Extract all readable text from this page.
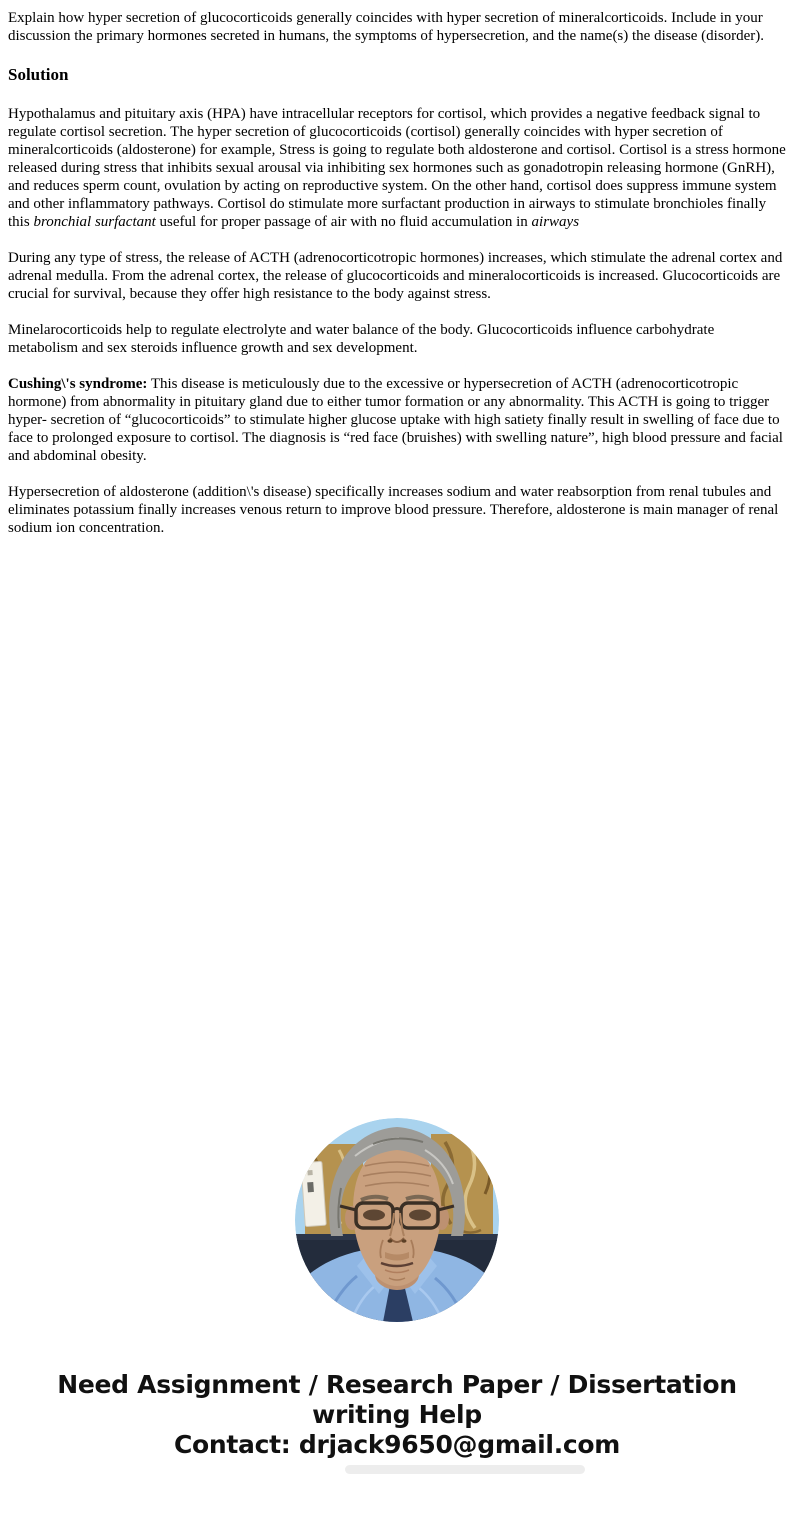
Explain how hyper secretion of glucocorticoids generally coincides with hyper secretion of mineralcorticoids. Include in your discussion the primary hormones secreted in humans, the symptoms of hypersecretion, and the name(s) the disease (disorder).

Solution

Hypothalamus and pituitary axis (HPA) have intracellular receptors for cortisol, which provides a negative feedback signal to regulate cortisol secretion. The hyper secretion of glucocorticoids (cortisol) generally coincides with hyper secretion of mineralcorticoids (aldosterone) for example, Stress is going to regulate both aldosterone and cortisol. Cortisol is a stress hormone released during stress that inhibits sexual arousal via inhibiting sex hormones such as gonadotropin releasing hormone (GnRH), and reduces sperm count, ovulation by acting on reproductive system. On the other hand, cortisol does suppress immune system and other inflammatory pathways. Cortisol do stimulate more surfactant production in airways to stimulate bronchioles finally this bronchial surfactant useful for proper passage of air with no fluid accumulation in airways

During any type of stress, the release of ACTH (adrenocorticotropic hormones) increases, which stimulate the adrenal cortex and adrenal medulla. From the adrenal cortex, the release of glucocorticoids and mineralocorticoids is increased. Glucocorticoids are crucial for survival, because they offer high resistance to the body against stress.

Minelarocorticoids help to regulate electrolyte and water balance of the body. Glucocorticoids influence carbohydrate metabolism and sex steroids influence growth and sex development.

Cushing\'s syndrome: This disease is meticulously due to the excessive or hypersecretion of ACTH (adrenocorticotropic hormone) from abnormality in pituitary gland due to either tumor formation or any abnormality. This ACTH is going to trigger hyper- secretion of “glucocorticoids” to stimulate higher glucose uptake with high satiety finally result in swelling of face due to face to prolonged exposure to cortisol. The diagnosis is “red face (bruishes) with swelling nature”, high blood pressure and facial and abdominal obesity.

Hypersecretion of aldosterone (addition\'s disease) specifically increases sodium and water reabsorption from renal tubules and eliminates potassium finally increases venous return to improve blood pressure. Therefore, aldosterone is main manager of renal sodium ion concentration.

Need Assignment / Research Paper / Dissertation writing Help
Contact: drjack9650@gmail.com
